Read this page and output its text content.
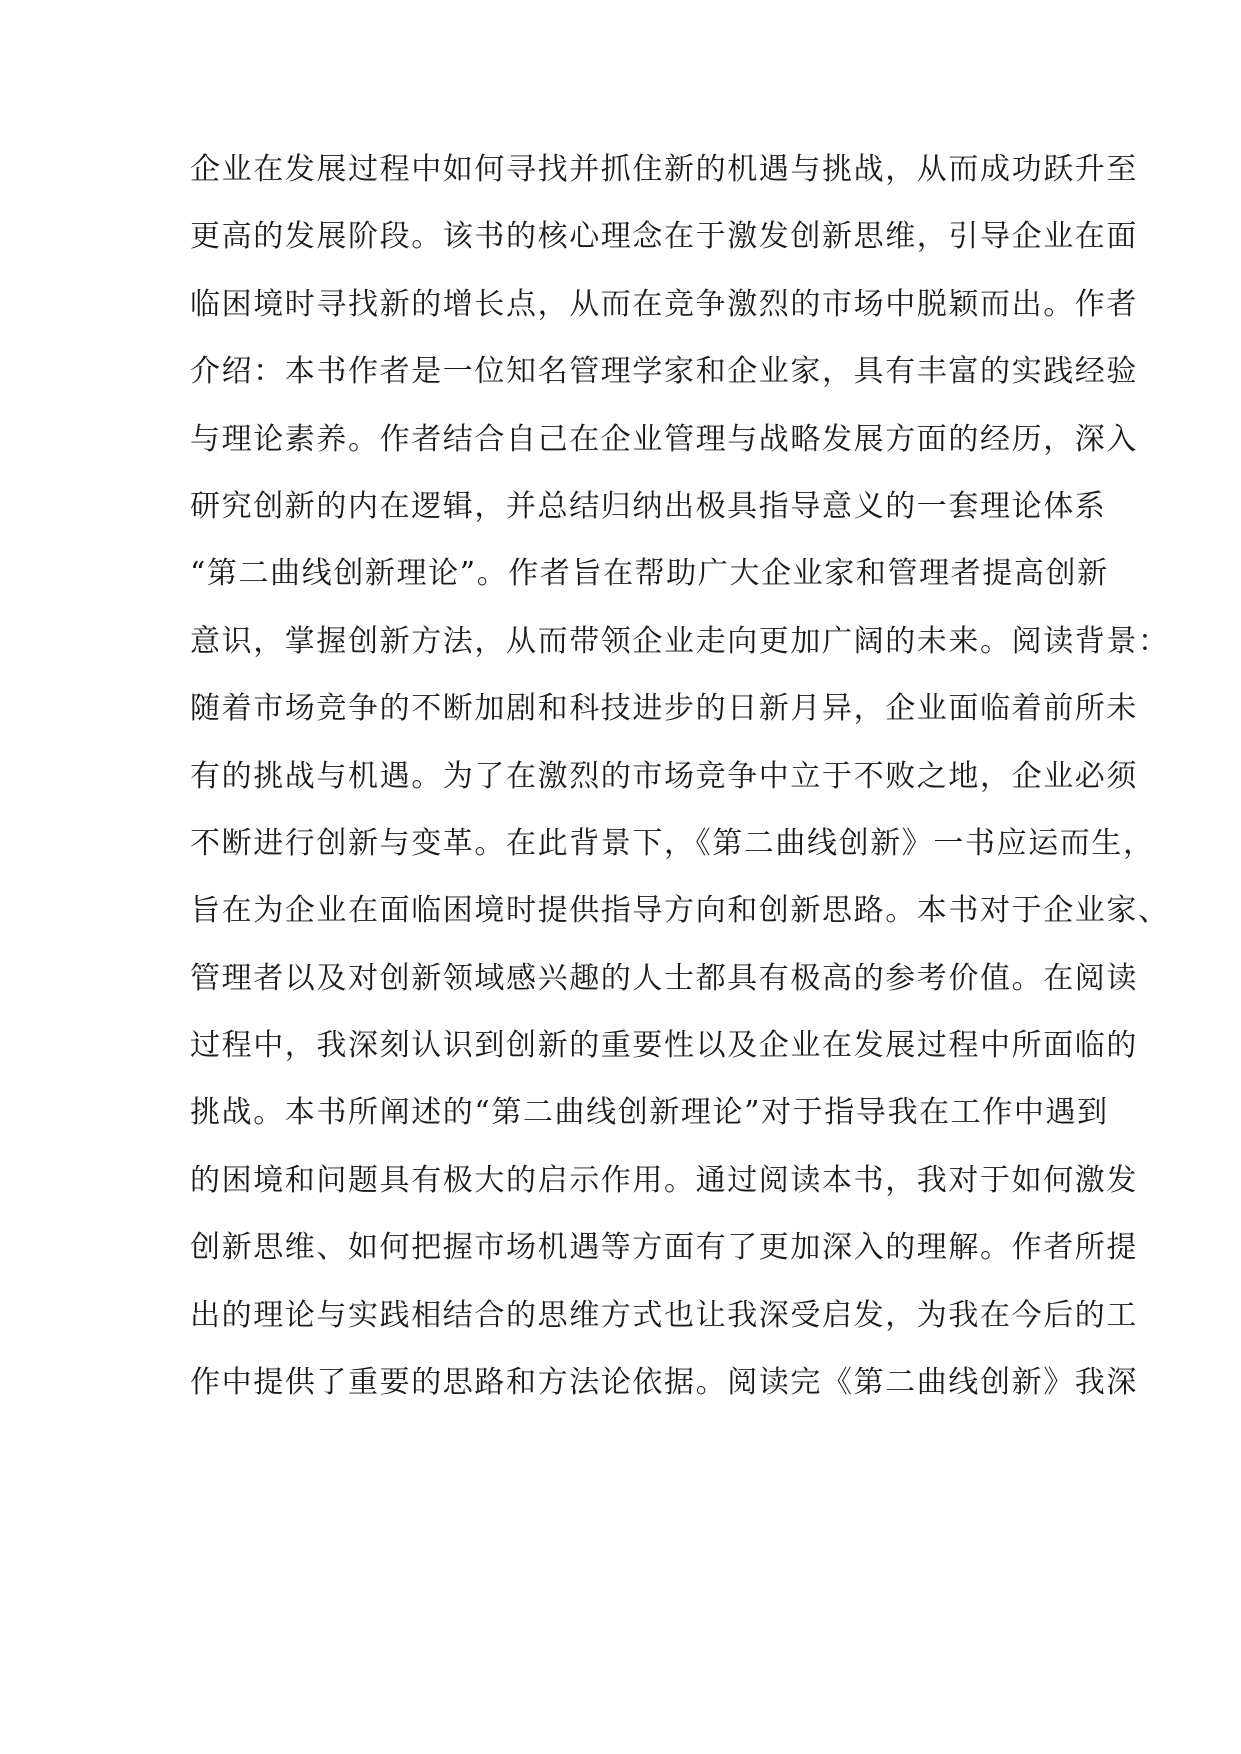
企业在发展过程中如何寻找并抓住新的机遇与挑战，从而成功跃升至
更高的发展阶段。该书的核心理念在于激发创新思维，引导企业在面
临困境时寻找新的增长点，从而在竞争激烈的市场中脱颖而出。作者
介绍：本书作者是一位知名管理学家和企业家，具有丰富的实践经验
与理论素养。作者结合自己在企业管理与战略发展方面的经历，深入
研究创新的内在逻辑，并总结归纳出极具指导意义的一套理论体系
“第二曲线创新理论”。作者旨在帮助广大企业家和管理者提高创新
意识，掌握创新方法，从而带领企业走向更加广阔的未来。阅读背景：
随着市场竞争的不断加剧和科技进步的日新月异，企业面临着前所未
有的挑战与机遇。为了在激烈的市场竞争中立于不败之地，企业必须
不断进行创新与变革。在此背景下，《第二曲线创新》一书应运而生，
旨在为企业在面临困境时提供指导方向和创新思路。本书对于企业家、
管理者以及对创新领域感兴趣的人士都具有极高的参考价值。在阅读
过程中，我深刻认识到创新的重要性以及企业在发展过程中所面临的
挑战。本书所阐述的“第二曲线创新理论”对于指导我在工作中遇到
的困境和问题具有极大的启示作用。通过阅读本书，我对于如何激发
创新思维、如何把握市场机遇等方面有了更加深入的理解。作者所提
出的理论与实践相结合的思维方式也让我深受启发，为我在今后的工
作中提供了重要的思路和方法论依据。阅读完《第二曲线创新》我深
